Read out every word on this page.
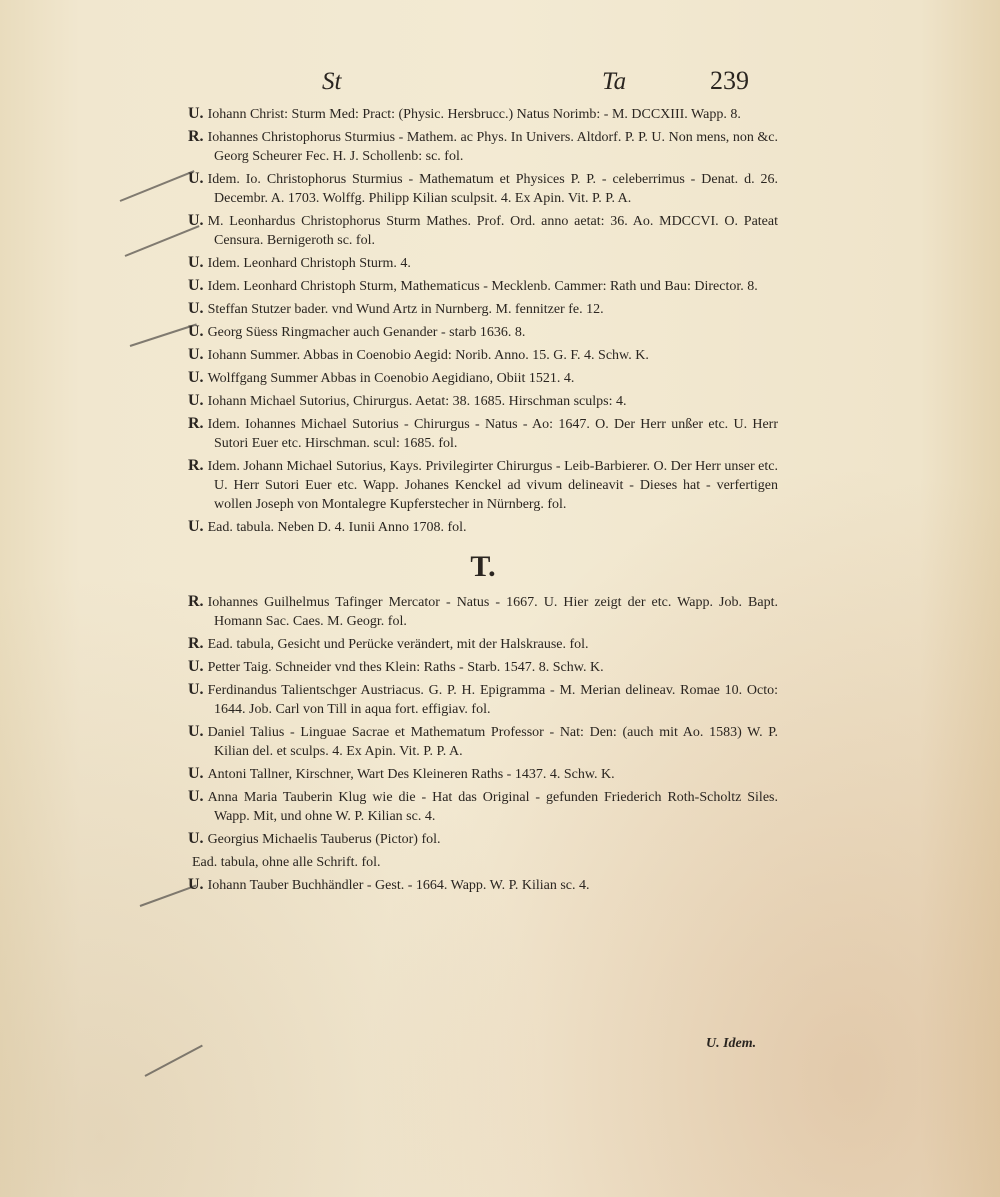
St	Ta	239
U. Iohann Christ: Sturm Med: Pract: (Physic. Hersbrucc.) Natus Norimb: - M. DCCXIII. Wapp. 8.
R. Iohannes Christophorus Sturmius - Mathem. ac Phys. In Univers. Altdorf. P. P. U. Non mens, non &c. Georg Scheurer Fec. H. J. Schollenb: sc. fol.
U. Idem. Io. Christophorus Sturmius - Mathematum et Physices P. P. - celeberrimus - Denat. d. 26. Decembr. A. 1703. Wolffg. Philipp Kilian sculpsit. 4. Ex Apin. Vit. P. P. A.
U. M. Leonhardus Christophorus Sturm Mathes. Prof. Ord. anno aetat: 36. Ao. MDCCVI. O. Pateat Censura. Bernigeroth sc. fol.
U. Idem. Leonhard Christoph Sturm. 4.
U. Idem. Leonhard Christoph Sturm, Mathematicus - Mecklenb. Cammer: Rath und Bau: Director. 8.
U. Steffan Stutzer bader. vnd Wund Artz in Nurnberg. M. fennitzer fe. 12.
U. Georg Süess Ringmacher auch Genander - starb 1636. 8.
U. Iohann Summer. Abbas in Coenobio Aegid: Norib. Anno. 15. G. F. 4. Schw. K.
U. Wolffgang Summer Abbas in Coenobio Aegidiano, Obiit 1521. 4.
U. Iohann Michael Sutorius, Chirurgus. Aetat: 38. 1685. Hirschman sculps: 4.
R. Idem. Iohannes Michael Sutorius - Chirurgus - Natus - Ao: 1647. O. Der Herr unßer etc. U. Herr Sutori Euer etc. Hirschman. scul: 1685. fol.
R. Idem. Johann Michael Sutorius, Kays. Privilegirter Chirurgus - Leib-Barbierer. O. Der Herr unser etc. U. Herr Sutori Euer etc. Wapp. Johanes Kenckel ad vivum delineavit - Dieses hat - verfertigen wollen Joseph von Montalegre Kupferstecher in Nürnberg. fol.
U. Ead. tabula. Neben D. 4. Iunii Anno 1708. fol.
T.
R. Iohannes Guilhelmus Tafinger Mercator - Natus - 1667. U. Hier zeigt der etc. Wapp. Job. Bapt. Homann Sac. Caes. M. Geogr. fol.
R. Ead. tabula, Gesicht und Perücke verändert, mit der Halskrause. fol.
U. Petter Taig. Schneider vnd thes Klein: Raths - Starb. 1547. 8. Schw. K.
U. Ferdinandus Talientschger Austriacus. G. P. H. Epigramma - M. Merian delineav. Romae 10. Octo: 1644. Job. Carl von Till in aqua fort. effigiav. fol.
U. Daniel Talius - Linguae Sacrae et Mathematum Professor - Nat: Den: (auch mit Ao. 1583) W. P. Kilian del. et sculps. 4. Ex Apin. Vit. P. P. A.
U. Antoni Tallner, Kirschner, Wart Des Kleineren Raths - 1437. 4. Schw. K.
U. Anna Maria Tauberin Klug wie die - Hat das Original - gefunden Friederich Roth-Scholtz Siles. Wapp. Mit, und ohne W. P. Kilian sc. 4.
U. Georgius Michaelis Tauberus (Pictor) fol.
Ead. tabula, ohne alle Schrift. fol.
U. Iohann Tauber Buchhändler - Gest. - 1664. Wapp. W. P. Kilian sc. 4.
U. Idem.
